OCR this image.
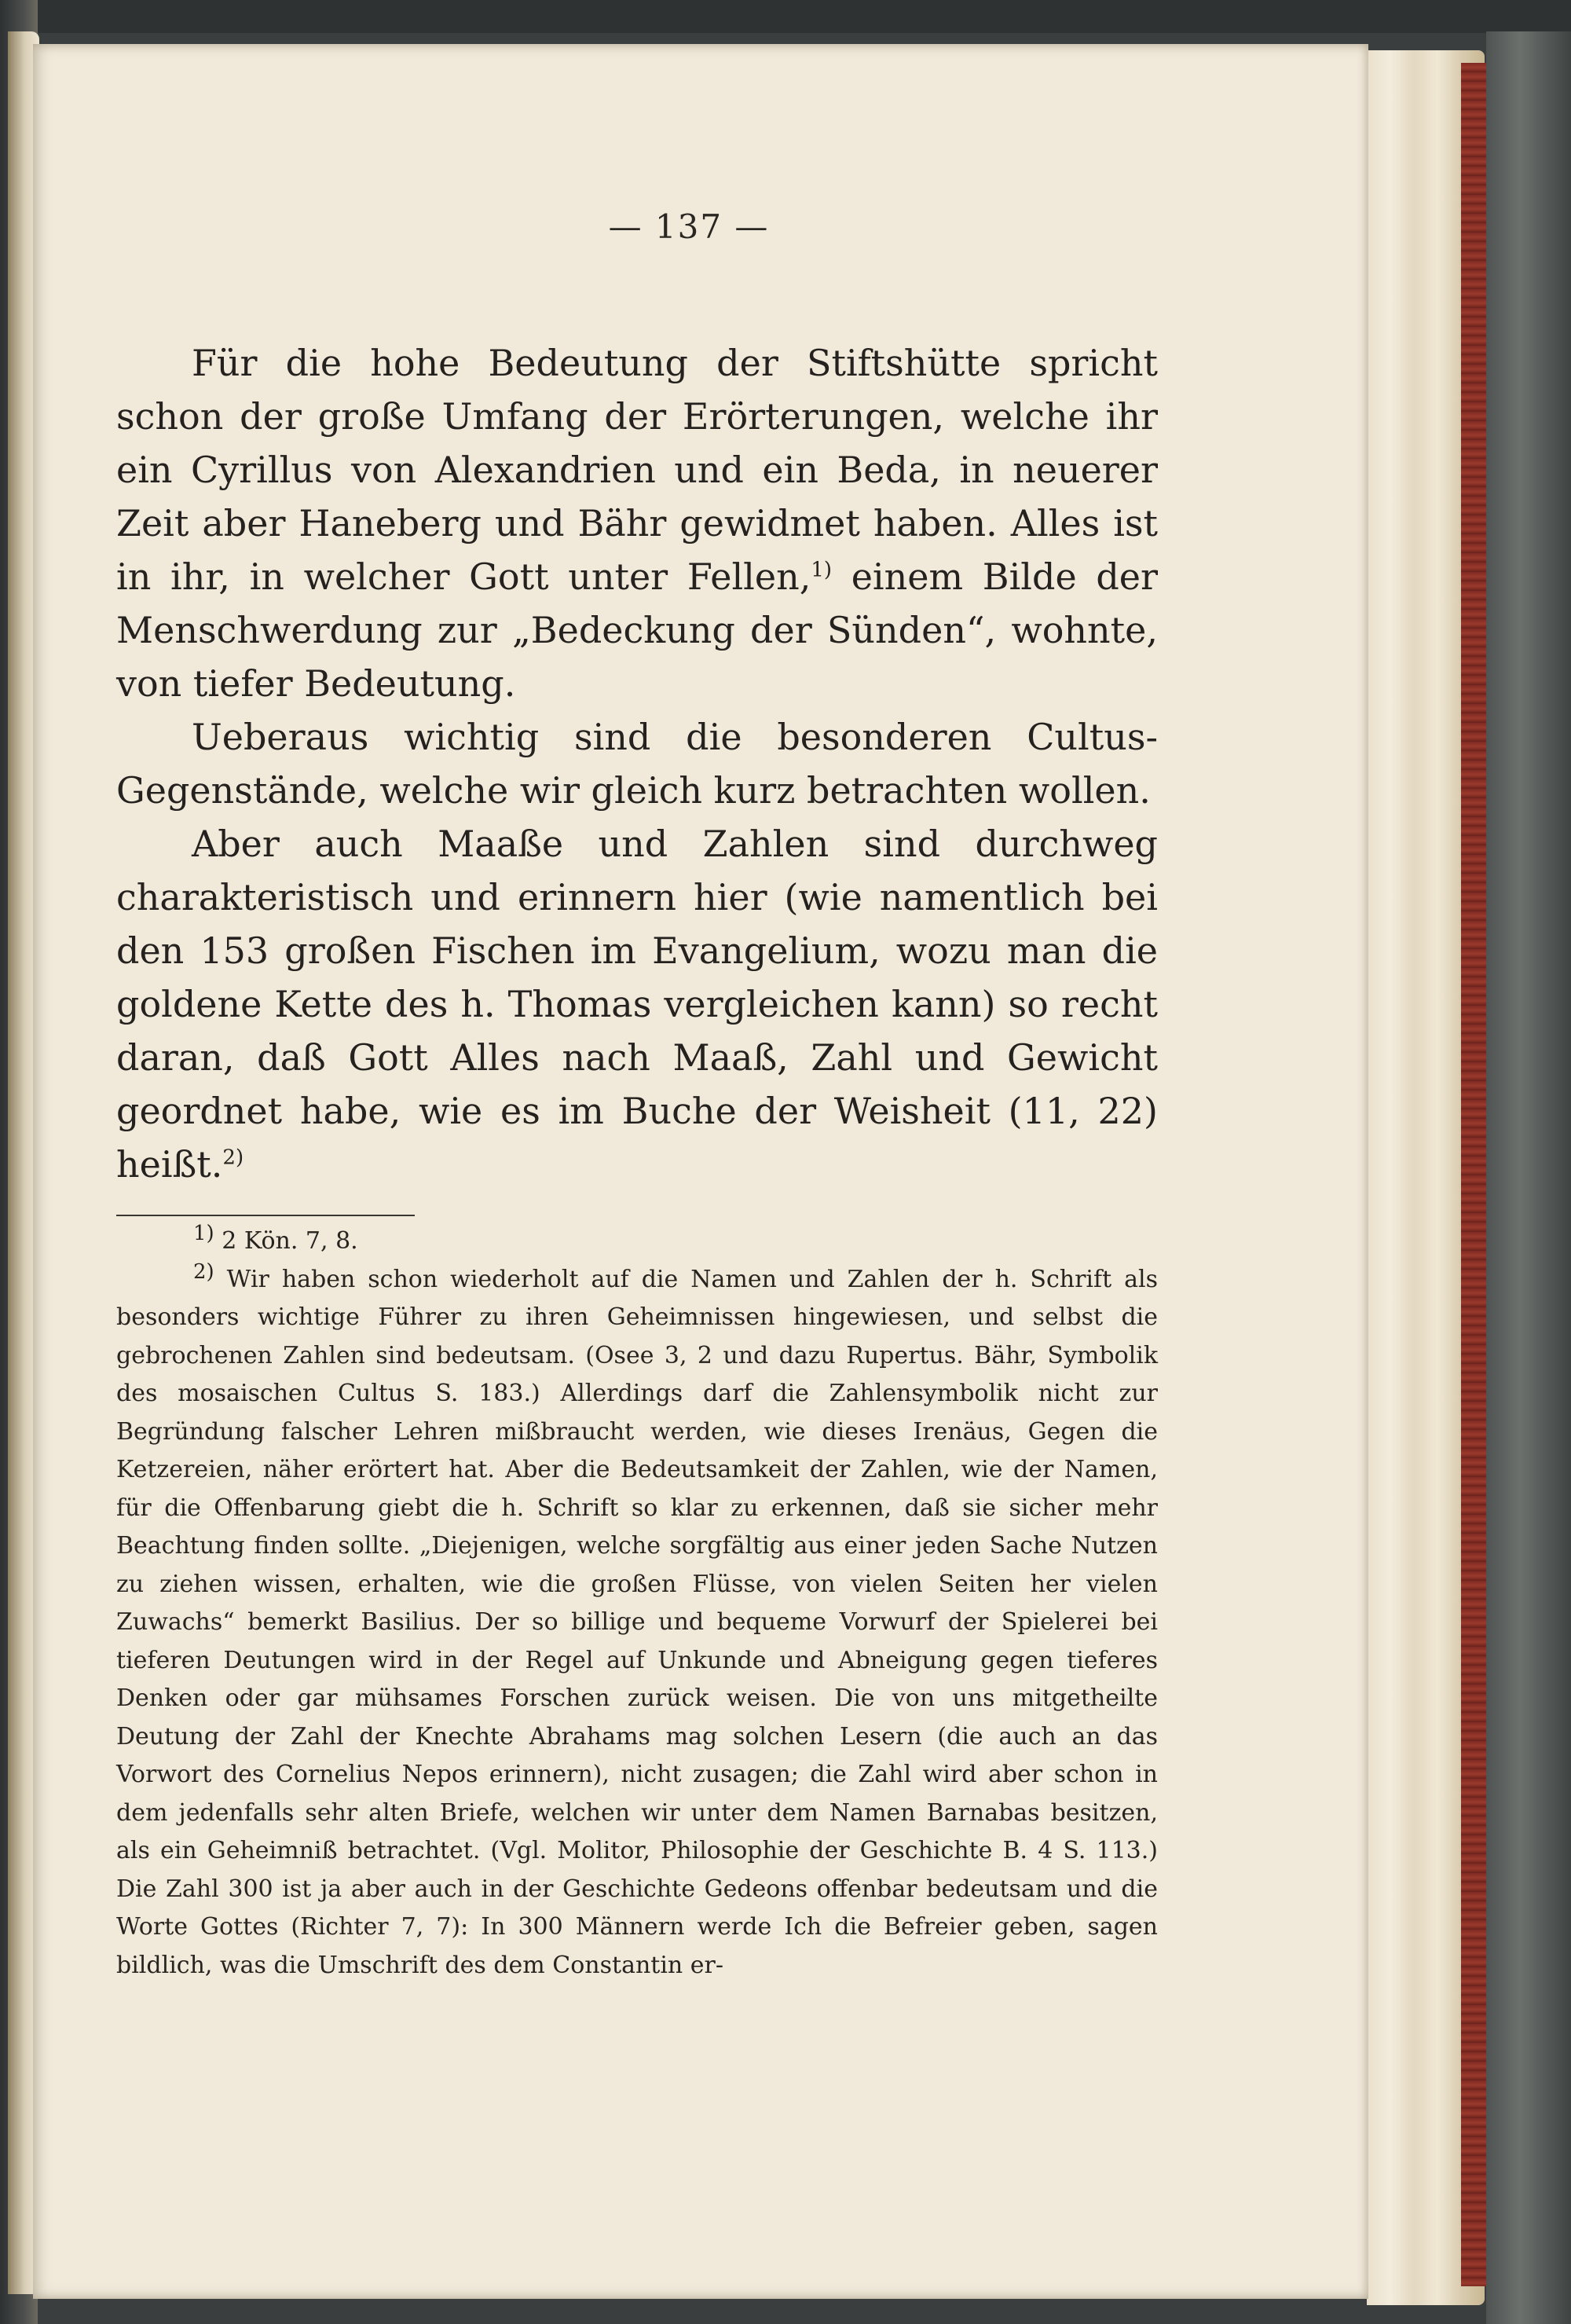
— 137 —

Für die hohe Bedeutung der Stiftshütte spricht schon der große Umfang der Erörterungen, welche ihr ein Cyrillus von Alexandrien und ein Beda, in neuerer Zeit aber Haneberg und Bähr gewidmet haben. Alles ist in ihr, in welcher Gott unter Fellen,$^{1)}$ einem Bilde der Menschwerdung zur „Bedeckung der Sünden“, wohnte, von tiefer Bedeutung.

Ueberaus wichtig sind die besonderen Cultus-Gegenstände, welche wir gleich kurz betrachten wollen.

Aber auch Maaße und Zahlen sind durchweg charakteristisch und erinnern hier (wie namentlich bei den 153 großen Fischen im Evangelium, wozu man die goldene Kette des h. Thomas vergleichen kann) so recht daran, daß Gott Alles nach Maaß, Zahl und Gewicht geordnet habe, wie es im Buche der Weisheit (11, 22) heißt.$^{2)}$

$^{1)}$ 2 Kön. 7, 8.

$^{2)}$ Wir haben schon wiederholt auf die Namen und Zahlen der h. Schrift als besonders wichtige Führer zu ihren Geheimnissen hingewiesen, und selbst die gebrochenen Zahlen sind bedeutsam. (Osee 3, 2 und dazu Rupertus. Bähr, Symbolik des mosaischen Cultus S. 183.) Allerdings darf die Zahlensymbolik nicht zur Begründung falscher Lehren mißbraucht werden, wie dieses Irenäus, Gegen die Ketzereien, näher erörtert hat. Aber die Bedeutsamkeit der Zahlen, wie der Namen, für die Offenbarung giebt die h. Schrift so klar zu erkennen, daß sie sicher mehr Beachtung finden sollte. „Diejenigen, welche sorgfältig aus einer jeden Sache Nutzen zu ziehen wissen, erhalten, wie die großen Flüsse, von vielen Seiten her vielen Zuwachs“ bemerkt Basilius. Der so billige und bequeme Vorwurf der Spielerei bei tieferen Deutungen wird in der Regel auf Unkunde und Abneigung gegen tieferes Denken oder gar mühsames Forschen zurück weisen. Die von uns mitgetheilte Deutung der Zahl der Knechte Abrahams mag solchen Lesern (die auch an das Vorwort des Cornelius Nepos erinnern), nicht zusagen; die Zahl wird aber schon in dem jedenfalls sehr alten Briefe, welchen wir unter dem Namen Barnabas besitzen, als ein Geheimniß betrachtet. (Vgl. Molitor, Philosophie der Geschichte B. 4 S. 113.) Die Zahl 300 ist ja aber auch in der Geschichte Gedeons offenbar bedeutsam und die Worte Gottes (Richter 7, 7): In 300 Männern werde Ich die Befreier geben, sagen bildlich, was die Umschrift des dem Constantin er-
